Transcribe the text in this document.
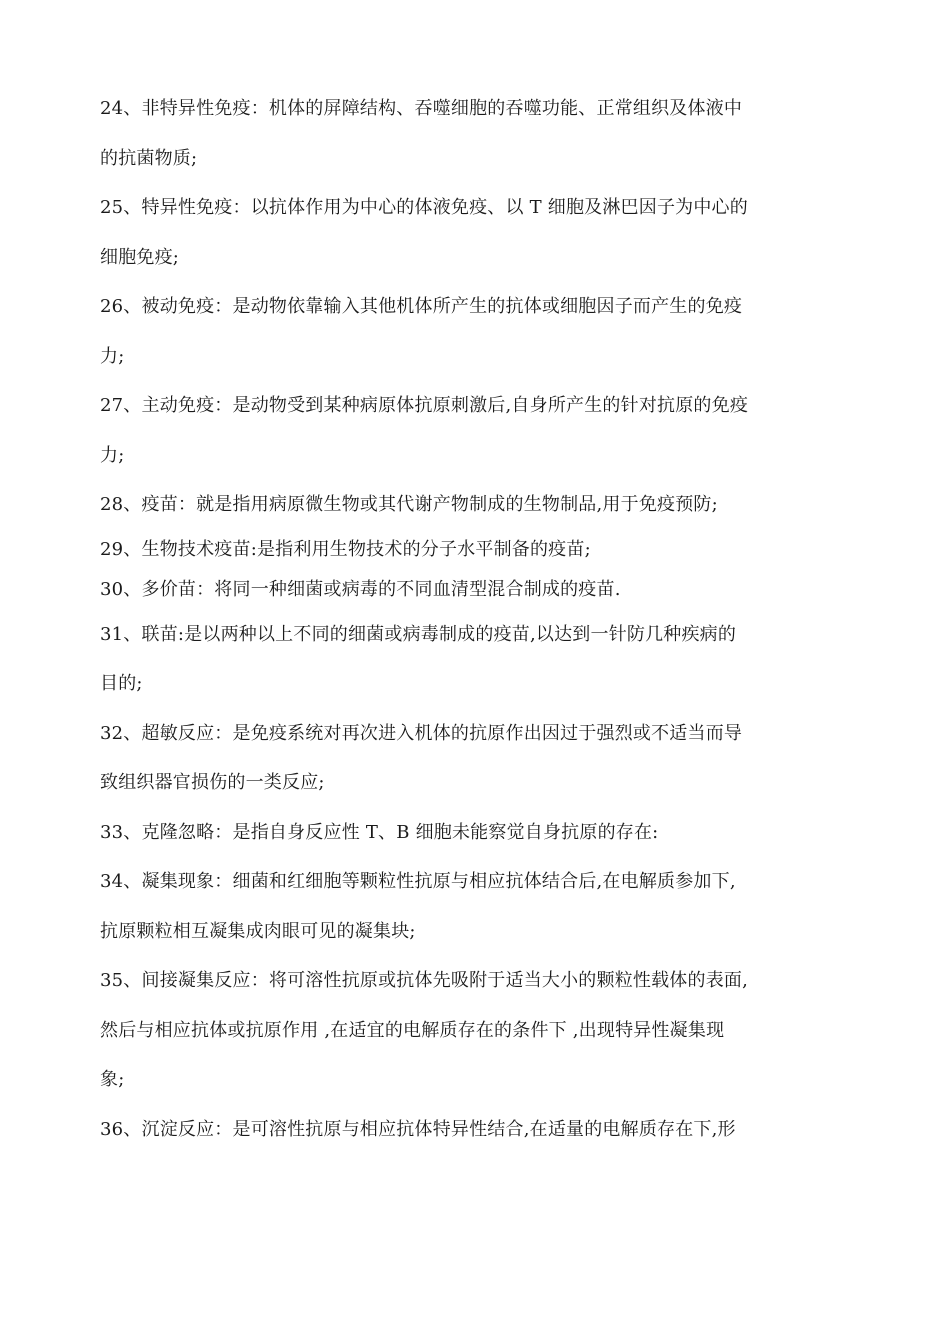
24、非特异性免疫：机体的屏障结构、吞噬细胞的吞噬功能、正常组织及体液中
的抗菌物质;
25、特异性免疫：以抗体作用为中心的体液免疫、以 T 细胞及淋巴因子为中心的
细胞免疫;
26、被动免疫：是动物依靠输入其他机体所产生的抗体或细胞因子而产生的免疫
力;
27、主动免疫：是动物受到某种病原体抗原刺激后,自身所产生的针对抗原的免疫
力;
28、疫苗：就是指用病原微生物或其代谢产物制成的生物制品,用于免疫预防;
29、生物技术疫苗:是指利用生物技术的分子水平制备的疫苗;
30、多价苗：将同一种细菌或病毒的不同血清型混合制成的疫苗.
31、联苗:是以两种以上不同的细菌或病毒制成的疫苗,以达到一针防几种疾病的
目的;
32、超敏反应：是免疫系统对再次进入机体的抗原作出因过于强烈或不适当而导
致组织器官损伤的一类反应;
33、克隆忽略：是指自身反应性 T、B 细胞未能察觉自身抗原的存在:
34、凝集现象：细菌和红细胞等颗粒性抗原与相应抗体结合后,在电解质参加下,
抗原颗粒相互凝集成肉眼可见的凝集块;
35、间接凝集反应：将可溶性抗原或抗体先吸附于适当大小的颗粒性载体的表面,
然后与相应抗体或抗原作用 ,在适宜的电解质存在的条件下 ,出现特异性凝集现
象;
36、沉淀反应：是可溶性抗原与相应抗体特异性结合,在适量的电解质存在下,形
